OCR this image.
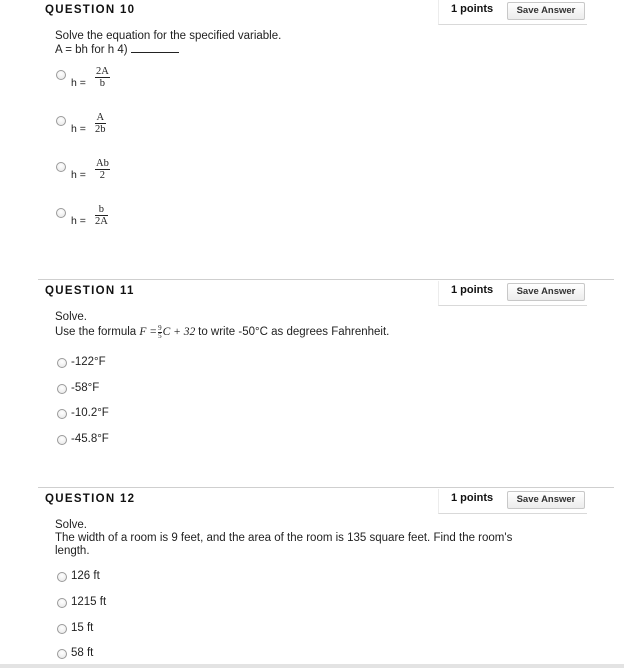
QUESTION 10	1 points	Save Answer
Solve the equation for the specified variable.
A = bh for h 4)
$h = \frac{2A}{b}$
$h = \frac{A}{2b}$
$h = \frac{Ab}{2}$
$h = \frac{b}{2A}$
QUESTION 11	1 points	Save Answer
Solve.
Use the formula $F = \frac{9}{5}$ C + 32 to write -50°C as degrees Fahrenheit.
-122°F
-58°F
-10.2°F
-45.8°F
QUESTION 12	1 points	Save Answer
Solve.
The width of a room is 9 feet, and the area of the room is 135 square feet. Find the room's
length.
126 ft
1215 ft
15 ft
58 ft
